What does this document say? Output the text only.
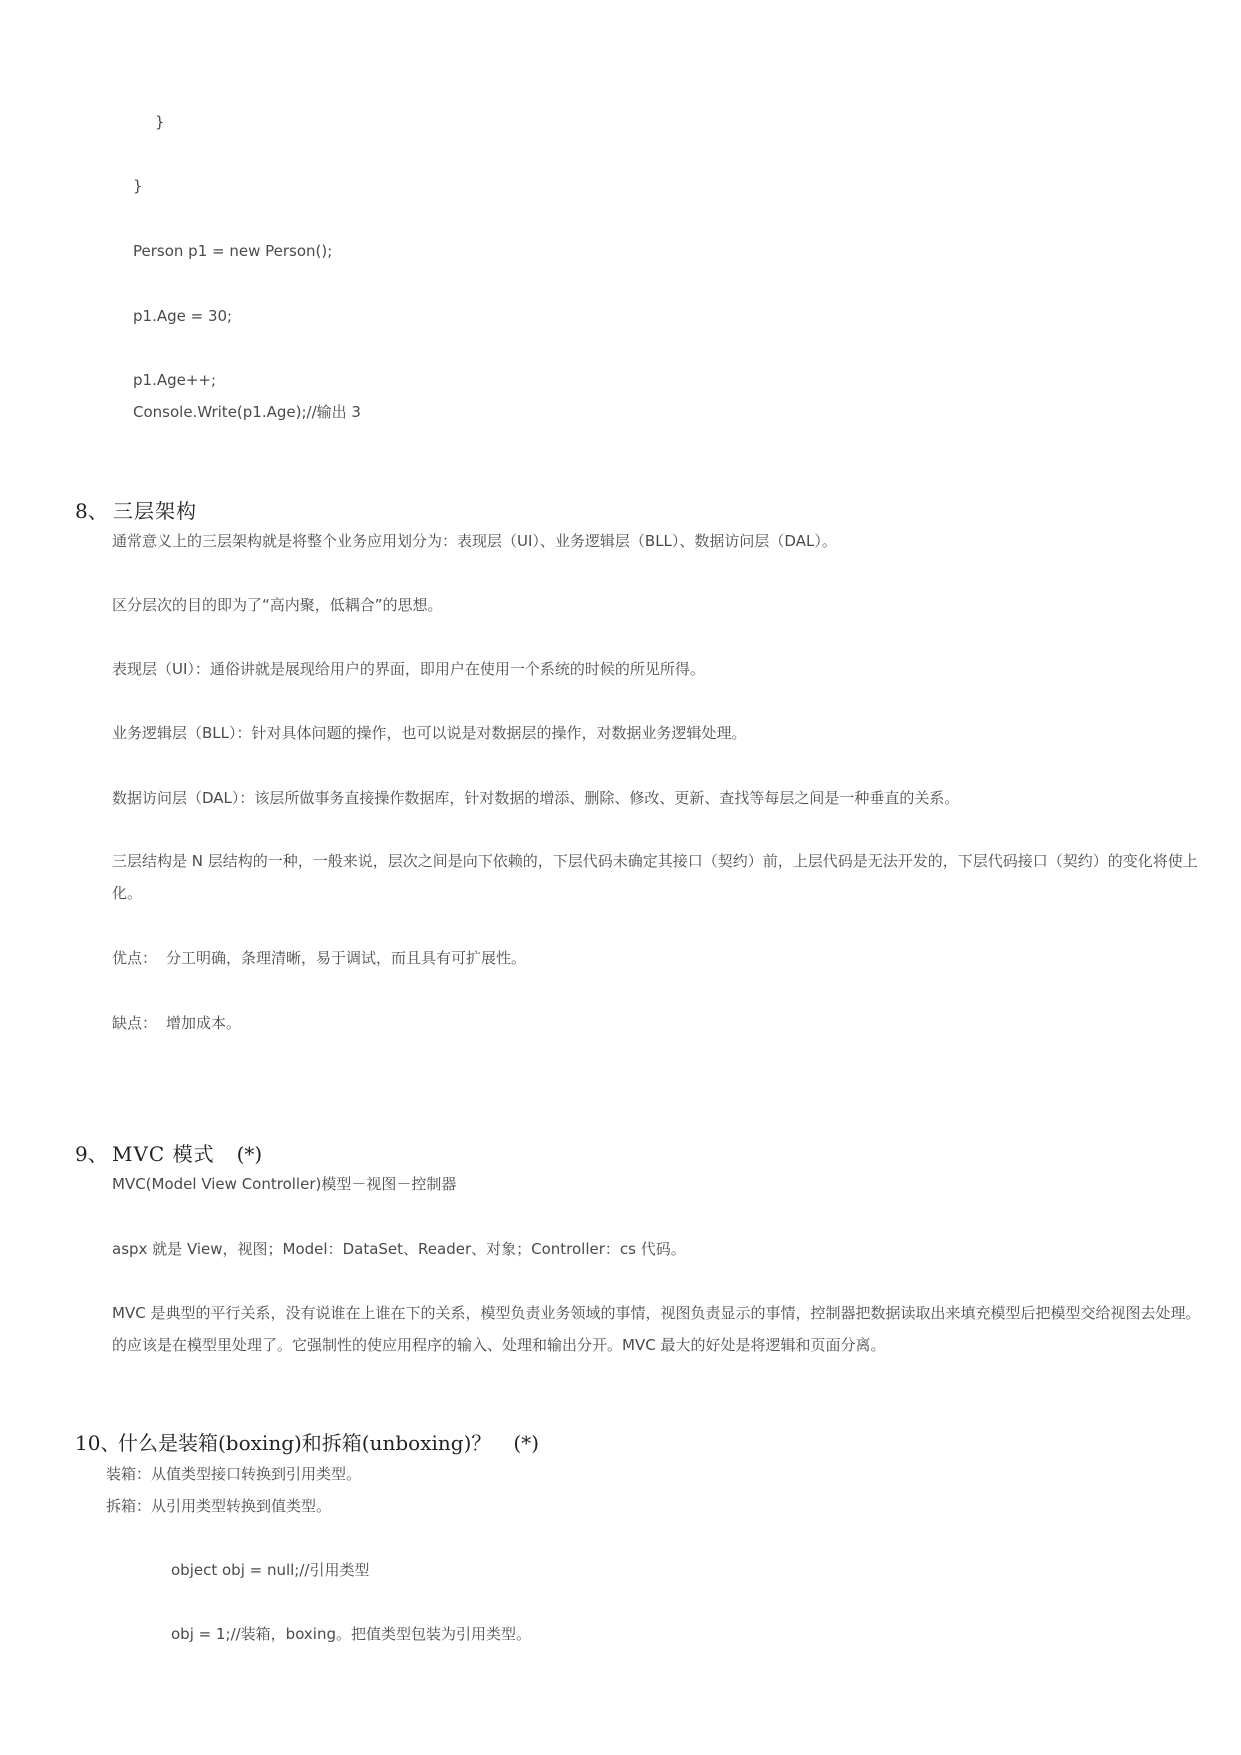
}
}
Person p1 = new Person();
p1.Age = 30;
p1.Age++;
Console.Write(p1.Age);//输出 3
8、 三层架构
通常意义上的三层架构就是将整个业务应用划分为：表现层（UI）、业务逻辑层（BLL）、数据访问层（DAL）。
区分层次的目的即为了“高内聚，低耦合”的思想。
表现层（UI）：通俗讲就是展现给用户的界面，即用户在使用一个系统的时候的所见所得。
业务逻辑层（BLL）：针对具体问题的操作，也可以说是对数据层的操作，对数据业务逻辑处理。
数据访问层（DAL）：该层所做事务直接操作数据库，针对数据的增添、删除、修改、更新、查找等每层之间是一种垂直的关系。
三层结构是 N 层结构的一种，一般来说，层次之间是向下依赖的，下层代码未确定其接口（契约）前，上层代码是无法开发的，下层代码接口（契约）的变化将使上
化。
优点： 分工明确，条理清晰，易于调试，而且具有可扩展性。
缺点： 增加成本。
9、 MVC 模式 (*)
MVC(Model View Controller)模型－视图－控制器
aspx 就是 View，视图；Model：DataSet、Reader、对象；Controller：cs 代码。
MVC 是典型的平行关系，没有说谁在上谁在下的关系，模型负责业务领域的事情，视图负责显示的事情，控制器把数据读取出来填充模型后把模型交给视图去处理。
的应该是在模型里处理了。它强制性的使应用程序的输入、处理和输出分开。MVC 最大的好处是将逻辑和页面分离。
10、什么是装箱(boxing)和拆箱(unboxing)？ (*)
装箱：从值类型接口转换到引用类型。
拆箱：从引用类型转换到值类型。
object obj = null;//引用类型
obj = 1;//装箱，boxing。把值类型包装为引用类型。
